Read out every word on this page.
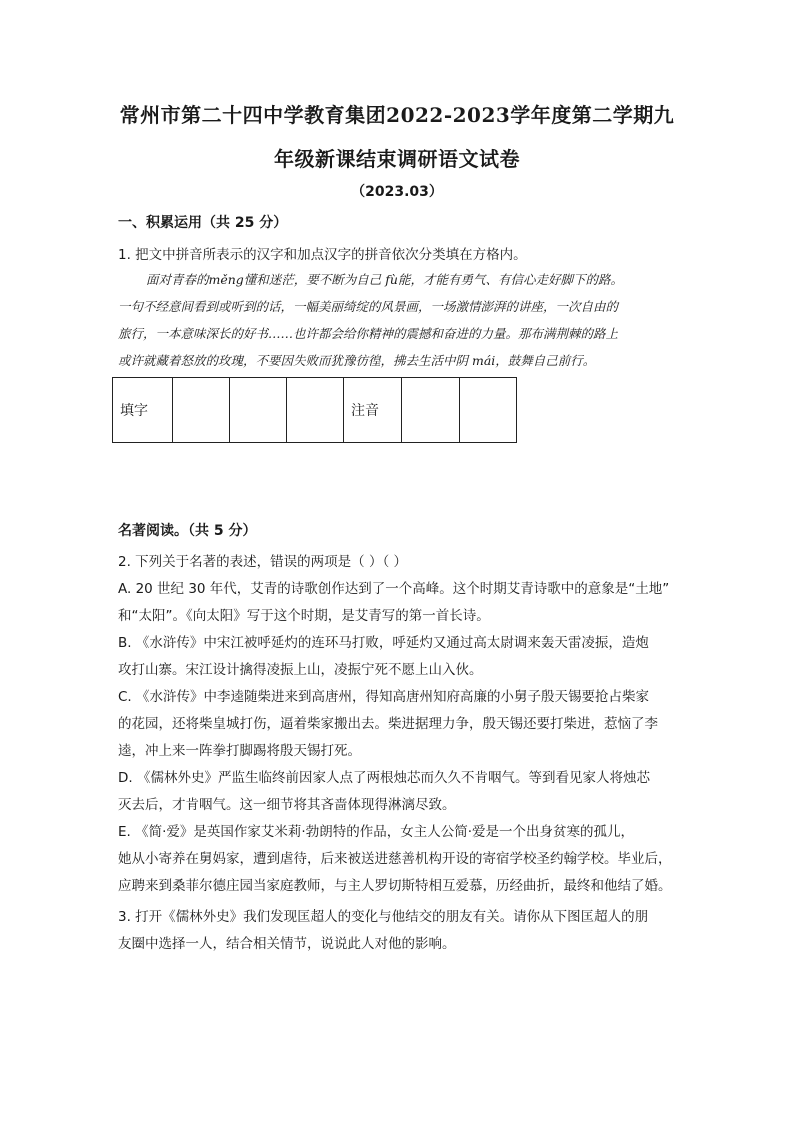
常州市第二十四中学教育集团2022-2023学年度第二学期九
年级新课结束调研语文试卷
（2023.03）
一、积累运用（共 25 分）
1. 把文中拼音所表示的汉字和加点汉字的拼音依次分类填在方格内。
面对青春的měng懂和迷茫，要不断为自己 fù能，才能有勇气、有信心走好脚下的路。
一句不经意间看到或听到的话，一幅美丽绮绽的风景画，一场激情澎湃的讲座，一次自由的
旅行，一本意味深长的好书……也许都会给你精神的震撼和奋进的力量。那布满荆棘的路上
或许就藏着怒放的玫瑰，不要因失败而犹豫彷徨，拂去生活中阴 mái，鼓舞自己前行。
填字				注音		
名著阅读。（共 5 分）
2. 下列关于名著的表述，错误的两项是（ ）（ ）
A. 20 世纪 30 年代，艾青的诗歌创作达到了一个高峰。这个时期艾青诗歌中的意象是“土地”
和“太阳”。《向太阳》写于这个时期，是艾青写的第一首长诗。
B. 《水浒传》中宋江被呼延灼的连环马打败，呼延灼又通过高太尉调来轰天雷凌振，造炮
攻打山寨。宋江设计擒得凌振上山，凌振宁死不愿上山入伙。
C. 《水浒传》中李逵随柴进来到高唐州，得知高唐州知府高廉的小舅子殷天锡要抢占柴家
的花园，还将柴皇城打伤，逼着柴家搬出去。柴进据理力争，殷天锡还要打柴进，惹恼了李
逵，冲上来一阵拳打脚踢将殷天锡打死。
D. 《儒林外史》严监生临终前因家人点了两根烛芯而久久不肯咽气。等到看见家人将烛芯
灭去后，才肯咽气。这一细节将其吝啬体现得淋漓尽致。
E. 《简·爱》是英国作家艾米莉·勃朗特的作品，女主人公简·爱是一个出身贫寒的孤儿，
她从小寄养在舅妈家，遭到虐待，后来被送进慈善机构开设的寄宿学校圣约翰学校。毕业后，
应聘来到桑菲尔德庄园当家庭教师，与主人罗切斯特相互爱慕，历经曲折，最终和他结了婚。
3. 打开《儒林外史》我们发现匡超人的变化与他结交的朋友有关。请你从下图匡超人的朋
友圈中选择一人，结合相关情节，说说此人对他的影响。
